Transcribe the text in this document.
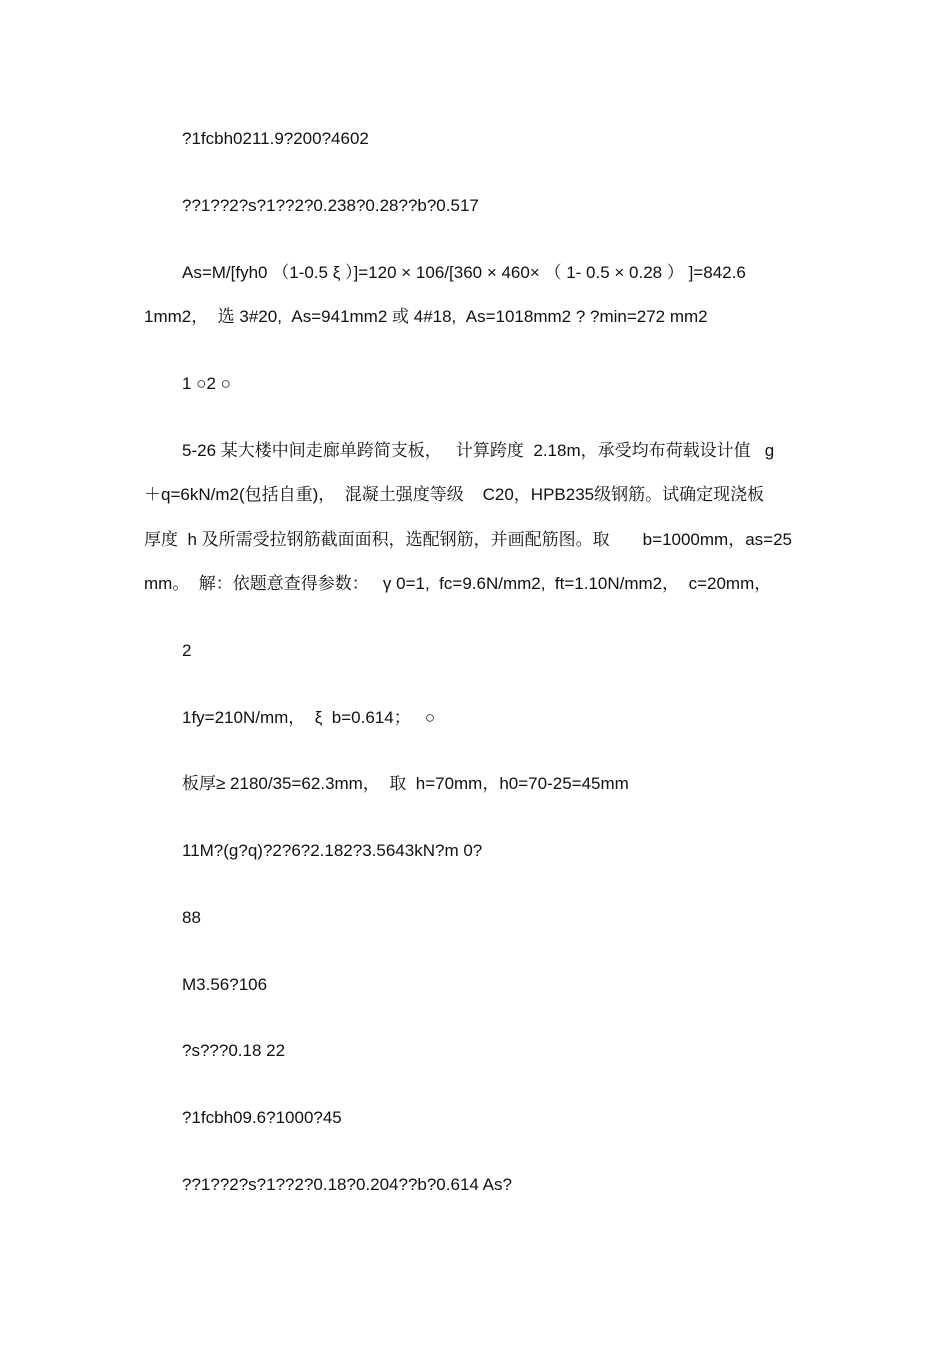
?1fcbh0211.9?200?4602
??1??2?s?1??2?0.238?0.28??b?0.517
As=M/[fyh0 （1-0.5 ξ ）]=120 × 106/[360 × 460× （ 1- 0.5 × 0.28 ） ]=842.6
1mm2，  选 3#20,  As=941mm2 或 4#18,  As=1018mm2 ? ?min=272 mm2
1 ○2 ○
5-26 某大楼中间走廊单跨简支板，   计算跨度  2.18m，承受均布荷载设计值   g
＋q=6kN/m2(包括自重)，  混凝土强度等级    C20，HPB235级钢筋。试确定现浇板
厚度  h 及所需受拉钢筋截面面积，选配钢筋，并画配筋图。取       b=1000mm，as=25
mm。  解：依题意查得参数：   γ 0=1,  fc=9.6N/mm2,  ft=1.10N/mm2，  c=20mm，
2
1fy=210N/mm，  ξ  b=0.614；   ○
板厚≥ 2180/35=62.3mm，  取  h=70mm，h0=70-25=45mm
11M?(g?q)?2?6?2.182?3.5643kN?m 0?
88
M3.56?106
?s???0.18 22
?1fcbh09.6?1000?45
??1??2?s?1??2?0.18?0.204??b?0.614 As?
